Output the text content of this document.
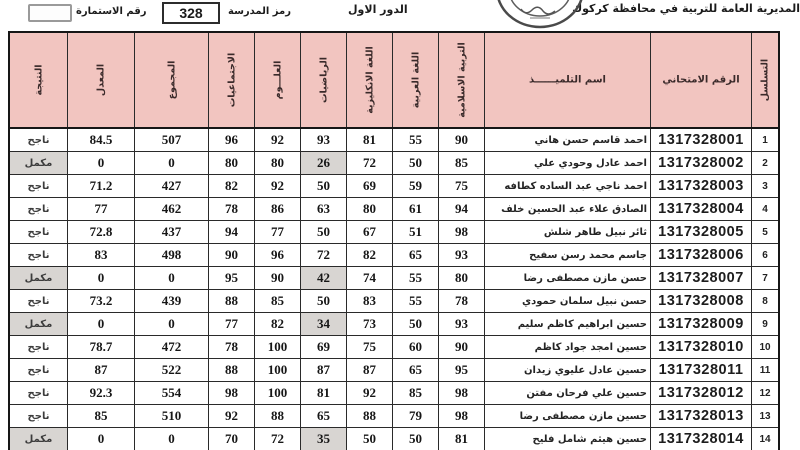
المديرية العامة للتربية في محافظة كركوك
الدور الاول
رمز المدرسة
328
رقم الاستمارة
النتيجة	المعدل	المجموع	الاجتماعيات	العلـــوم	الرياضيات	اللغة الانكليزية	اللغة العربية	التربية الاسلامية	اسم التلميــــــذ	الرقم الامتحاني	التسلسل

ناجح	84.5	507	96	92	93	81	55	90	احمد قاسم حسن هاني	1317328001	1
مكمل	0	0	80	80	26	72	50	85	احمد عادل وحودي علي	1317328002	2
ناجح	71.2	427	82	92	50	69	59	75	احمد ناجي عبد الساده كطافه	1317328003	3
ناجح	77	462	78	86	63	80	61	94	الصادق علاء عبد الحسين خلف	1317328004	4
ناجح	72.8	437	94	77	50	67	51	98	ثائر نبيل طاهر شلش	1317328005	5
ناجح	83	498	90	96	72	82	65	93	جاسم محمد رسن سفيح	1317328006	6
مكمل	0	0	95	90	42	74	55	80	حسن مازن مصطفى رضا	1317328007	7
ناجح	73.2	439	88	85	50	83	55	78	حسن نبيل سلمان حمودي	1317328008	8
مكمل	0	0	77	82	34	73	50	93	حسين ابراهيم كاظم سليم	1317328009	9
ناجح	78.7	472	78	100	69	75	60	90	حسين امجد جواد كاظم	1317328010	10
ناجح	87	522	88	100	87	87	65	95	حسين عادل عليوي زيدان	1317328011	11
ناجح	92.3	554	98	100	81	92	85	98	حسين علي فرحان مفتن	1317328012	12
ناجح	85	510	92	88	65	88	79	98	حسين مازن مصطفى رضا	1317328013	13
مكمل	0	0	70	72	35	50	50	81	حسين هيثم شامل فليح	1317328014	14
